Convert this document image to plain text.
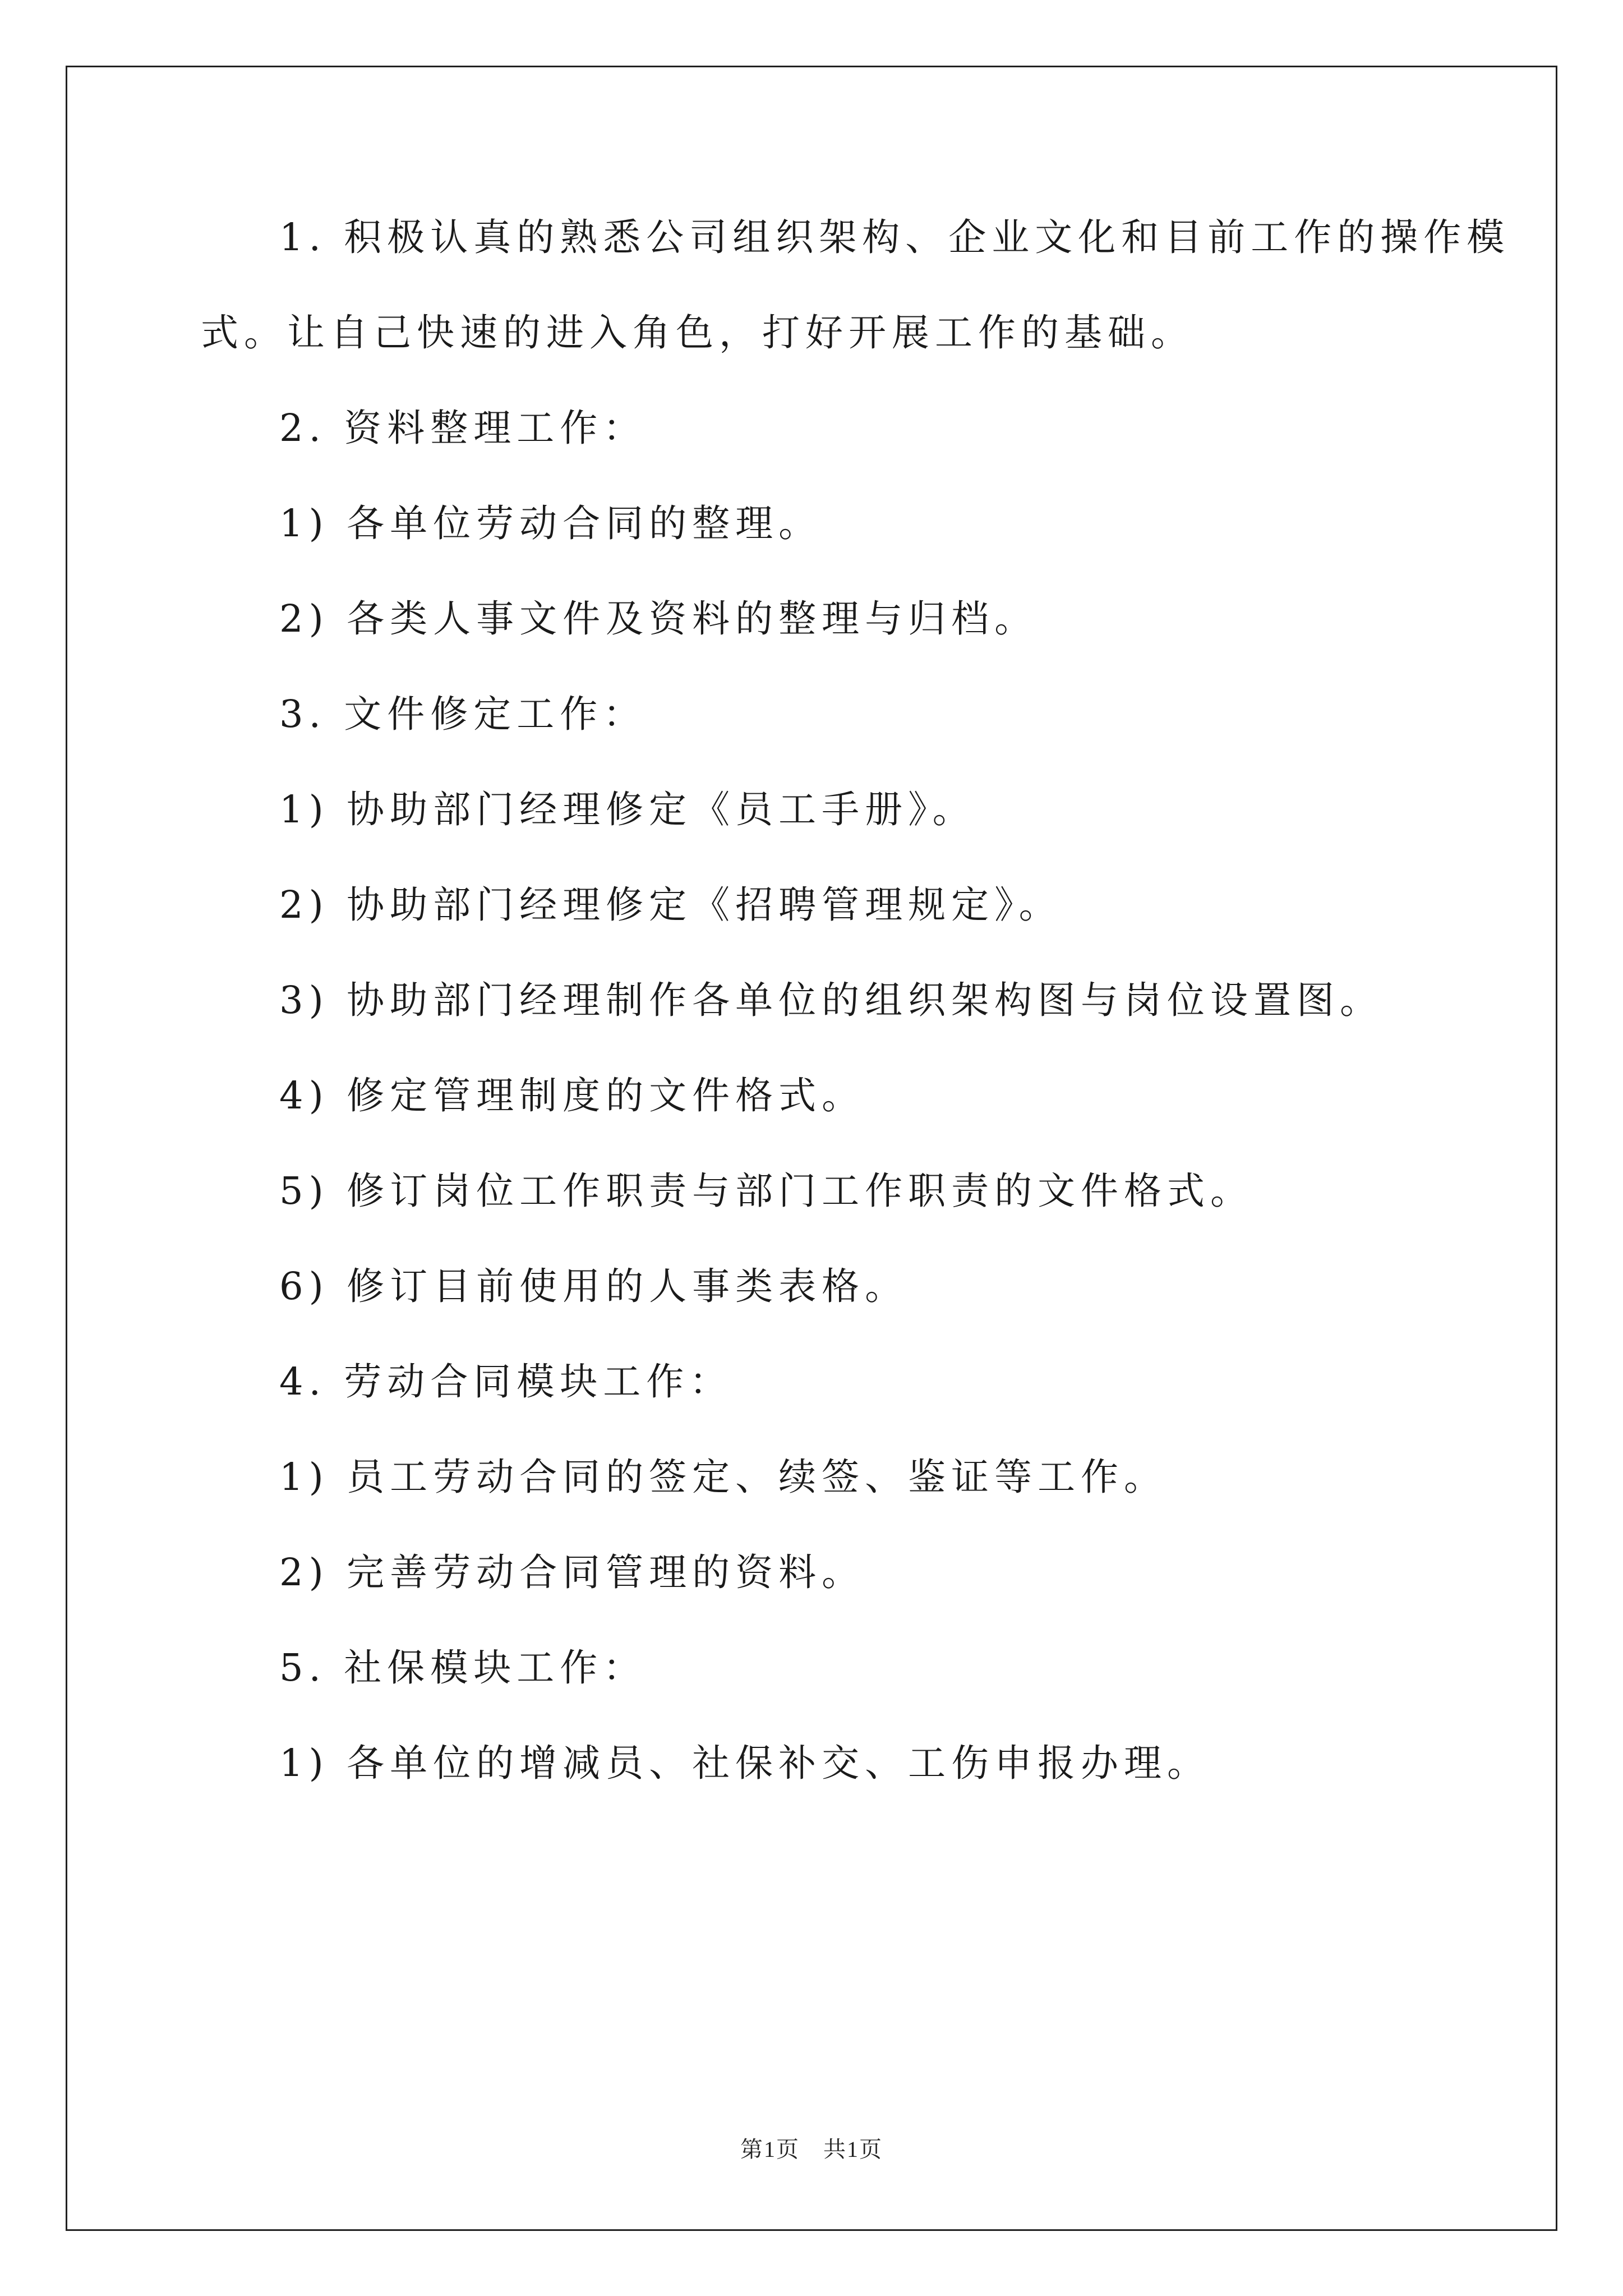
1. 积极认真的熟悉公司组织架构、企业文化和目前工作的操作模
式。让自己快速的进入角色，打好开展工作的基础。
2. 资料整理工作：
1) 各单位劳动合同的整理。
2) 各类人事文件及资料的整理与归档。
3. 文件修定工作：
1) 协助部门经理修定《员工手册》。
2) 协助部门经理修定《招聘管理规定》。
3) 协助部门经理制作各单位的组织架构图与岗位设置图。
4) 修定管理制度的文件格式。
5) 修订岗位工作职责与部门工作职责的文件格式。
6) 修订目前使用的人事类表格。
4. 劳动合同模块工作：
1) 员工劳动合同的签定、续签、鉴证等工作。
2) 完善劳动合同管理的资料。
5. 社保模块工作：
1) 各单位的增减员、社保补交、工伤申报办理。
第1页　共1页
